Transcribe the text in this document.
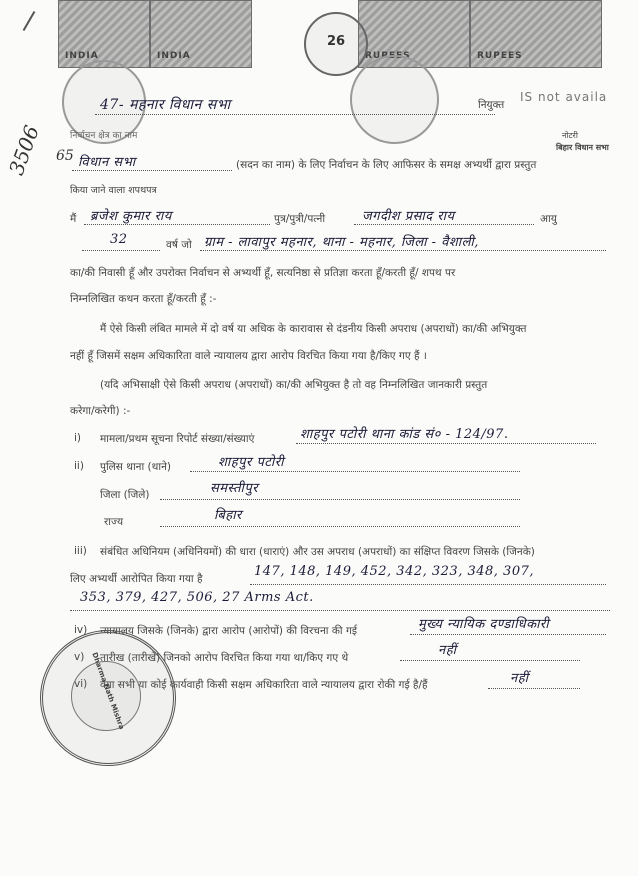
INDIA	INDIA	RUPEES	RUPEES
26
47- महनार विधान सभा	नियुक्त
IS not availa
नोटरी
बिहार विधान सभा
3506 65
निर्वाचन क्षेत्र का नाम
विधान सभा	(सदन का नाम) के लिए निर्वाचन के लिए आफिसर के समक्ष अभ्यर्थी द्वारा प्रस्तुत
किया जाने वाला शपथपत्र
मैं ब्रजेश कुमार राय	पुत्र/पुत्री/पत्नी	जगदीश प्रसाद राय	आयु
32	वर्ष जो ग्राम - लावापुर महनार, थाना - महनार, जिला - वैशाली,
का/की निवासी हूँ और उपरोक्त निर्वाचन से अभ्यर्थी हूँ, सत्यनिष्ठा से प्रतिज्ञा करता हूँ/करती हूँ/ शपथ पर
निम्नलिखित कथन करता हूँ/करती हूँ :-
मैं ऐसे किसी लंबित मामले में दो वर्ष या अधिक के कारावास से दंडनीय किसी अपराध (अपराधों) का/की अभियुक्त
नहीं हूँ जिसमें सक्षम अधिकारिता वाले न्यायालय द्वारा आरोप विरचित किया गया है/किए गए हैं ।
(यदि अभिसाक्षी ऐसे किसी अपराध (अपराधों) का/की अभियुक्त है तो वह निम्नलिखित जानकारी प्रस्तुत
करेगा/करेगी) :-
i) मामला/प्रथम सूचना रिपोर्ट संख्या/संख्याएं	शाहपुर पटोरी थाना कांड सं० - 124/97.
ii) पुलिस थाना (थाने)	शाहपुर पटोरी
जिला (जिले)	समस्तीपुर
राज्य	बिहार
iii) संबंधित अधिनियम (अधिनियमों) की धारा (धाराएं) और उस अपराध (अपराधों) का संक्षिप्त विवरण जिसके (जिनके)
लिए अभ्यर्थी आरोपित किया गया है	147, 148, 149, 452, 342, 323, 348, 307,
353, 379, 427, 506, 27 Arms Act.
iv) न्यायालय जिसके (जिनके) द्वारा आरोप (आरोपों) की विरचना की गई	मुख्य न्यायिक दण्डाधिकारी
v) तारीख (तारीखें) जिनको आरोप विरचित किया गया था/किए गए थे	नहीं
vi) क्या सभी या कोई कार्यवाही किसी सक्षम अधिकारिता वाले न्यायालय द्वारा रोकी गई है/हैं	नहीं
Dharma Nath Mishra
